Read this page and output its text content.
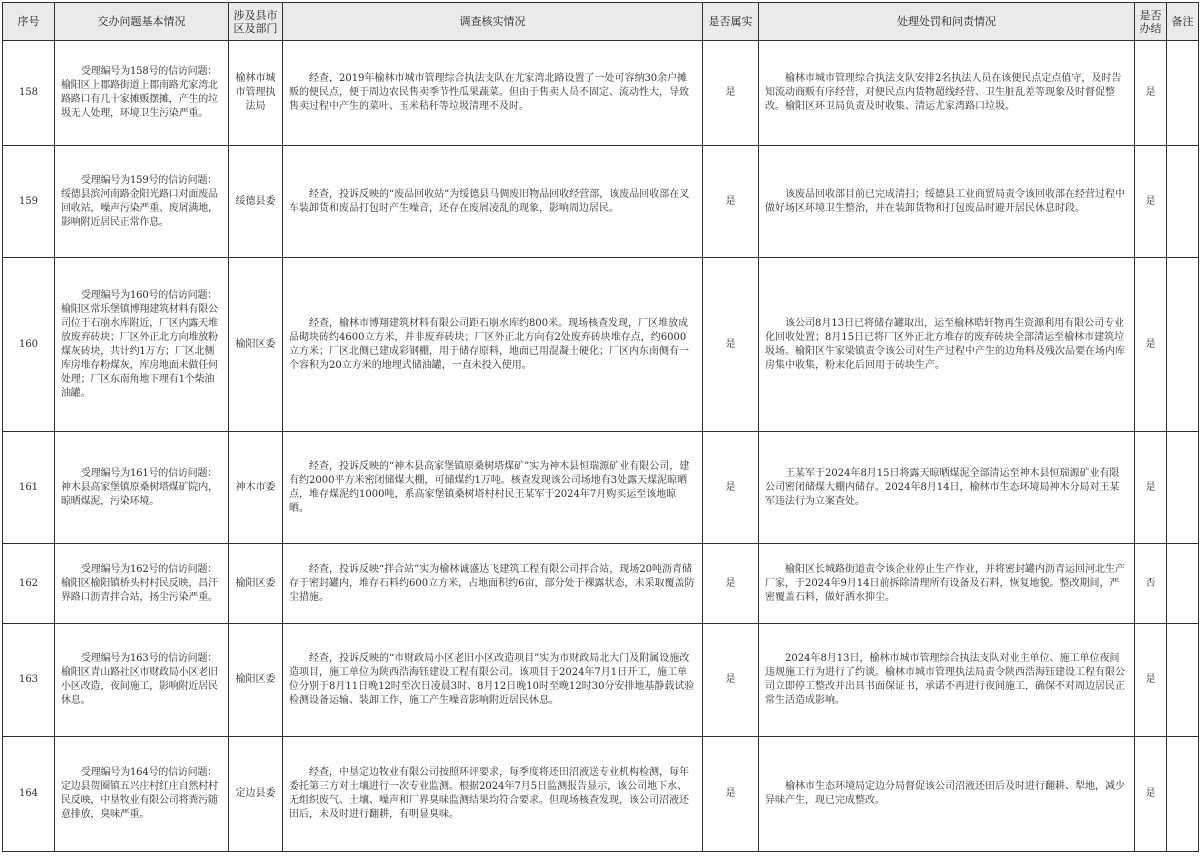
序号	交办问题基本情况	涉及县市区及部门	调查核实情况	是否属实	处理处罚和问责情况	是否办结	备注
158	受理编号为158号的信访问题：榆阳区上郡路街道上郡南路尤家湾北路路口有几十家摊贩摆摊，产生的垃圾无人处理，环境卫生污染严重。	榆林市城市管理执法局	经查，2019年榆林市城市管理综合执法支队在尤家湾北路设置了一处可容纳30余户摊贩的便民点，便于周边农民售卖季节性瓜果蔬菜。但由于售卖人员不固定、流动性大，导致售卖过程中产生的菜叶、玉米秸秆等垃圾清理不及时。	是	榆林市城市管理综合执法支队安排2名执法人员在该便民点定点值守，及时告知流动商贩有序经营，对便民点内货物超线经营、卫生脏乱差等现象及时督促整改。榆阳区环卫局负责及时收集、清运尤家湾路口垃圾。	是	
159	受理编号为159号的信访问题：绥德县滨河南路金阳光路口对面废品回收站，噪声污染严重、废屑满地，影响附近居民正常作息。	绥德县委	经查，投诉反映的“废品回收站”为绥德县马倜废旧物品回收经营部，该废品回收部在叉车装卸货和废品打包时产生噪音，还存在废屑凌乱的现象，影响周边居民。	是	该废品回收部目前已完成清扫；绥德县工业商贸局责令该回收部在经营过程中做好场区环境卫生整治，并在装卸货物和打包废品时避开居民休息时段。	是	
160	受理编号为160号的信访问题：榆阳区常乐堡镇博翔建筑材料有限公司位于石崩水库附近，厂区内露天堆放废弃砖块；厂区外正北方向堆放粉煤灰砖块，共计约1万方；厂区北侧库房堆存粉煤灰，库房地面未做任何处理；厂区东南角地下埋有1个柴油油罐。	榆阳区委	经查，榆林市博翔建筑材料有限公司距石崩水库约800米。现场核查发现，厂区堆放成品砌块砖约4600立方米，并非废弃砖块；厂区外正北方向有2处废弃砖块堆存点，约6000立方米；厂区北侧已建成彩钢棚，用于储存原料，地面已用混凝土硬化；厂区内东南侧有一个容积为20立方米的地埋式储油罐，一直未投入使用。	是	该公司8月13日已将储存罐取出，运至榆林晧轩物再生资源利用有限公司专业化回收处置；8月15日已将厂区外正北方堆存的废弃砖块全部清运至榆林市建筑垃圾场。榆阳区牛家梁镇责令该公司对生产过程中产生的边角料及残次品要在场内库房集中收集，粉末化后回用于砖块生产。	是	
161	受理编号为161号的信访问题：神木县高家堡镇原桑树塔煤矿院内，晾晒煤泥，污染环境。	神木市委	经查，投诉反映的“神木县高家堡镇原桑树塔煤矿”实为神木县恒瑞源矿业有限公司，建有约2000平方米密闭储煤大棚，可储煤约1万吨。核查发现该公司场地有3处露天煤泥晾晒点，堆存煤泥约1000吨，系高家堡镇桑树塔村村民王某军于2024年7月购买运至该地晾晒。	是	王某军于2024年8月15日将露天晾晒煤泥全部清运至神木县恒瑞源矿业有限公司密闭储煤大棚内储存。2024年8月14日，榆林市生态环境局神木分局对王某军违法行为立案查处。	是	
162	受理编号为162号的信访问题：榆阳区榆阳镇桥头村村民反映，昌汗界路口沥青拌合站，扬尘污染严重。	榆阳区委	经查，投诉反映“拌合站”实为榆林诚盛达飞建筑工程有限公司拌合站，现场20吨沥青储存于密封罐内，堆存石料约600立方米，占地面积约6亩，部分处于裸露状态，未采取覆盖防尘措施。	是	榆阳区长城路街道责令该企业停止生产作业，并将密封罐内沥青运回河北生产厂家，于2024年9月14日前拆除清理所有设备及石料，恢复地貌。整改期间，严密覆盖石料，做好洒水抑尘。	否	
163	受理编号为163号的信访问题：榆阳区青山路社区市财政局小区老旧小区改造，夜间施工，影响附近居民休息。	榆阳区委	经查，投诉反映的“市财政局小区老旧小区改造项目”实为市财政局北大门及附属设施改造项目，施工单位为陕西浩海钰建设工程有限公司。该项目于2024年7月1日开工，施工单位分别于8月11日晚12时至次日凌晨3时、8月12日晚10时至晚12时30分安排地基静载试验检测设备运输、装卸工作，施工产生噪音影响附近居民休息。	是	2024年8月13日，榆林市城市管理综合执法支队对业主单位、施工单位夜间违规施工行为进行了约谈。榆林市城市管理执法局责令陕西浩海钰建设工程有限公司立即停工整改并出具书面保证书，承诺不再进行夜间施工，确保不对周边居民正常生活造成影响。	是	
164	受理编号为164号的信访问题：定边县贺圈镇五兴庄村红庄自然村村民反映，中垦牧业有限公司将粪污随意排放，臭味严重。	定边县委	经查，中垦定边牧业有限公司按照环评要求，每季度将还田沼液送专业机构检测，每年委托第三方对土壤进行一次专业监测。根据2024年7月5日监测报告显示，该公司地下水、无组织废气、土壤、噪声和厂界臭味监测结果均符合要求。但现场核查发现，该公司沼液还田后，未及时进行翻耕，有明显臭味。	是	榆林市生态环境局定边分局督促该公司沼液还田后及时进行翻耕、犁地，减少异味产生，现已完成整改。	是	
